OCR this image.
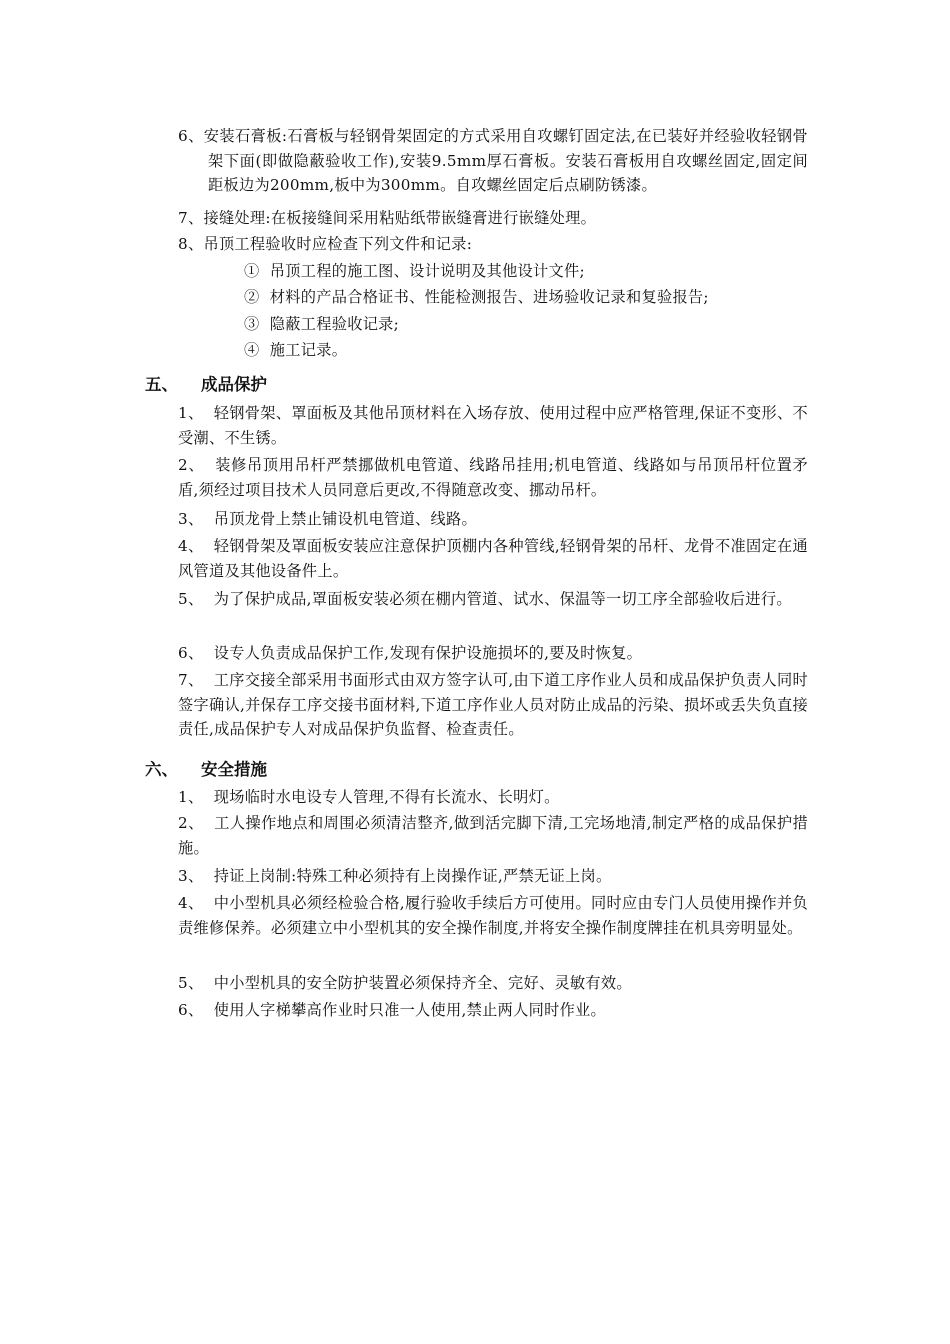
6、安装石膏板:石膏板与轻钢骨架固定的方式采用自攻螺钉固定法,在已装好并经验收轻钢骨架下面(即做隐蔽验收工作),安装9.5mm厚石膏板。安装石膏板用自攻螺丝固定,固定间距板边为200mm,板中为300mm。自攻螺丝固定后点刷防锈漆。
7、接缝处理:在板接缝间采用粘贴纸带嵌缝膏进行嵌缝处理。
8、吊顶工程验收时应检查下列文件和记录:
① 吊顶工程的施工图、设计说明及其他设计文件;
② 材料的产品合格证书、性能检测报告、进场验收记录和复验报告;
③ 隐蔽工程验收记录;
④ 施工记录。
五、 成品保护
1、 轻钢骨架、罩面板及其他吊顶材料在入场存放、使用过程中应严格管理,保证不变形、不受潮、不生锈。
2、 装修吊顶用吊杆严禁挪做机电管道、线路吊挂用;机电管道、线路如与吊顶吊杆位置矛盾,须经过项目技术人员同意后更改,不得随意改变、挪动吊杆。
3、 吊顶龙骨上禁止铺设机电管道、线路。
4、 轻钢骨架及罩面板安装应注意保护顶棚内各种管线,轻钢骨架的吊杆、龙骨不准固定在通风管道及其他设备件上。
5、 为了保护成品,罩面板安装必须在棚内管道、试水、保温等一切工序全部验收后进行。
6、 设专人负责成品保护工作,发现有保护设施损坏的,要及时恢复。
7、 工序交接全部采用书面形式由双方签字认可,由下道工序作业人员和成品保护负责人同时签字确认,并保存工序交接书面材料,下道工序作业人员对防止成品的污染、损坏或丢失负直接责任,成品保护专人对成品保护负监督、检查责任。
六、 安全措施
1、 现场临时水电设专人管理,不得有长流水、长明灯。
2、 工人操作地点和周围必须清洁整齐,做到活完脚下清,工完场地清,制定严格的成品保护措施。
3、 持证上岗制:特殊工种必须持有上岗操作证,严禁无证上岗。
4、 中小型机具必须经检验合格,履行验收手续后方可使用。同时应由专门人员使用操作并负责维修保养。必须建立中小型机其的安全操作制度,并将安全操作制度牌挂在机具旁明显处。
5、 中小型机具的安全防护装置必须保持齐全、完好、灵敏有效。
6、 使用人字梯攀高作业时只准一人使用,禁止两人同时作业。
